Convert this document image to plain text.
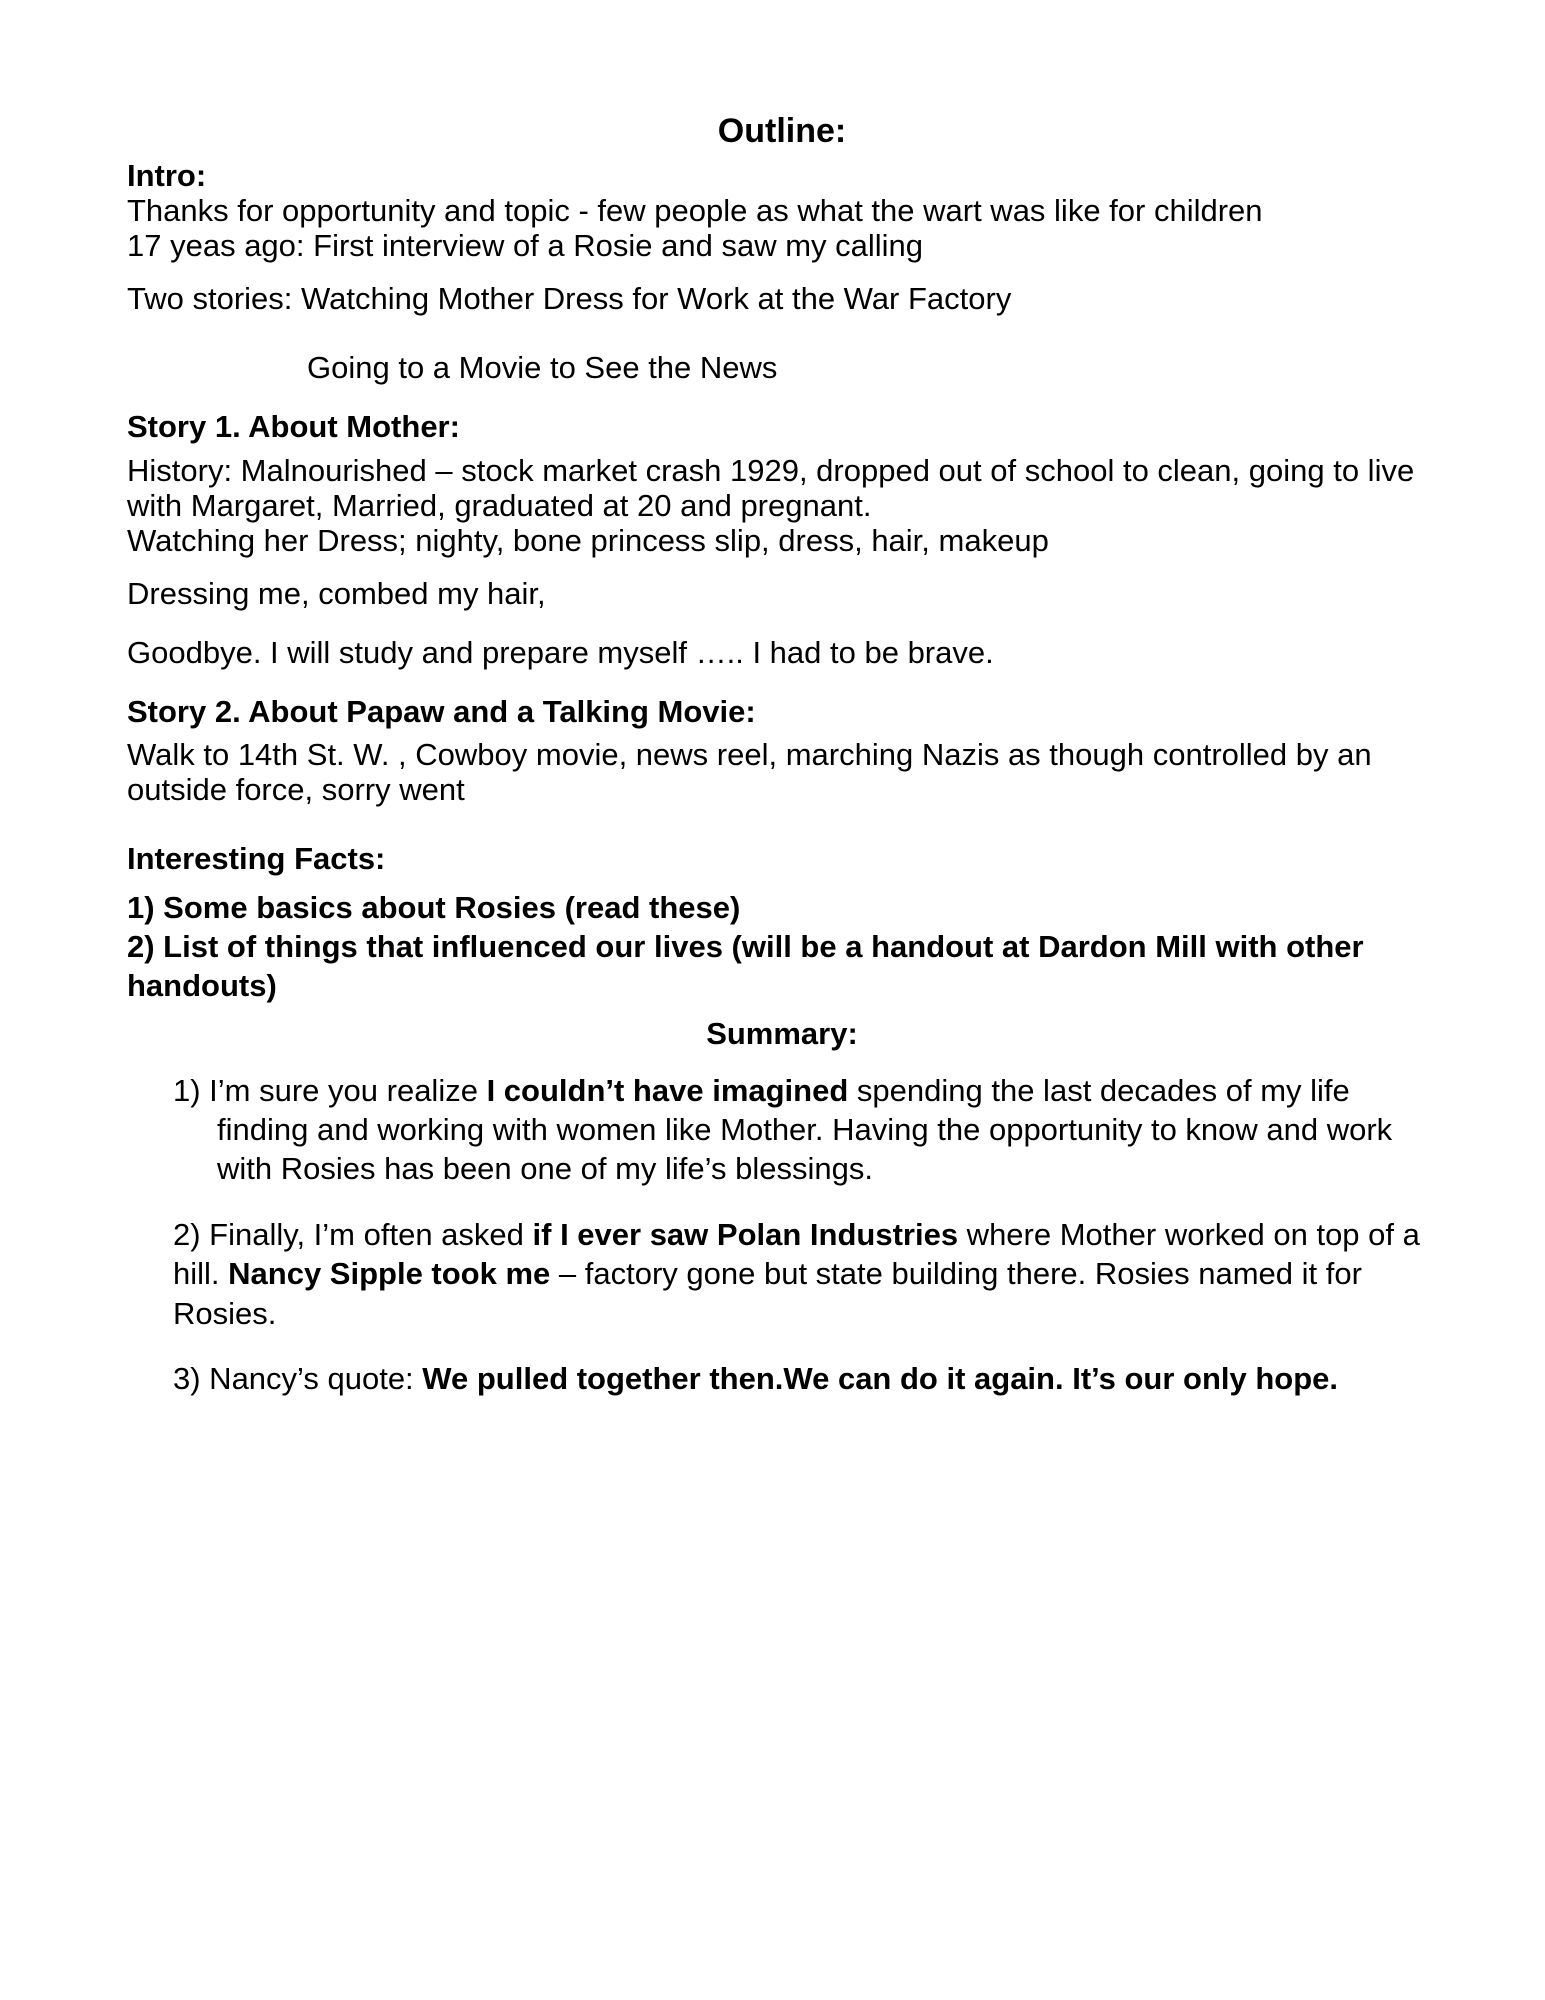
Outline:

Intro:

Thanks for opportunity and topic - few people as what the wart was like for children

17 yeas ago: First interview of a Rosie and saw my calling

Two stories: Watching Mother Dress for Work at the War Factory

Going to a Movie to See the News

Story 1. About Mother:

History: Malnourished – stock market crash 1929, dropped out of school to clean, going to live

with Margaret, Married, graduated at 20 and pregnant.

Watching her Dress; nighty, bone princess slip, dress, hair, makeup

Dressing me, combed my hair,

Goodbye. I will study and prepare myself ….. I had to be brave.

Story 2. About Papaw and a Talking Movie:

Walk to 14th St. W. , Cowboy movie, news reel, marching Nazis as though controlled by an

outside force, sorry went

Interesting Facts:

1) Some basics about Rosies (read these)

2) List of things that influenced our lives (will be a handout at Dardon Mill with other

handouts)

Summary:

1) I’m sure you realize I couldn’t have imagined spending the last decades of my life finding and working with women like Mother. Having the opportunity to know and work with Rosies has been one of my life’s blessings.

2) Finally, I’m often asked if I ever saw Polan Industries where Mother worked on top of a hill. Nancy Sipple took me – factory gone but state building there. Rosies named it for Rosies.

3) Nancy’s quote: We pulled together then.We can do it again. It’s our only hope.
